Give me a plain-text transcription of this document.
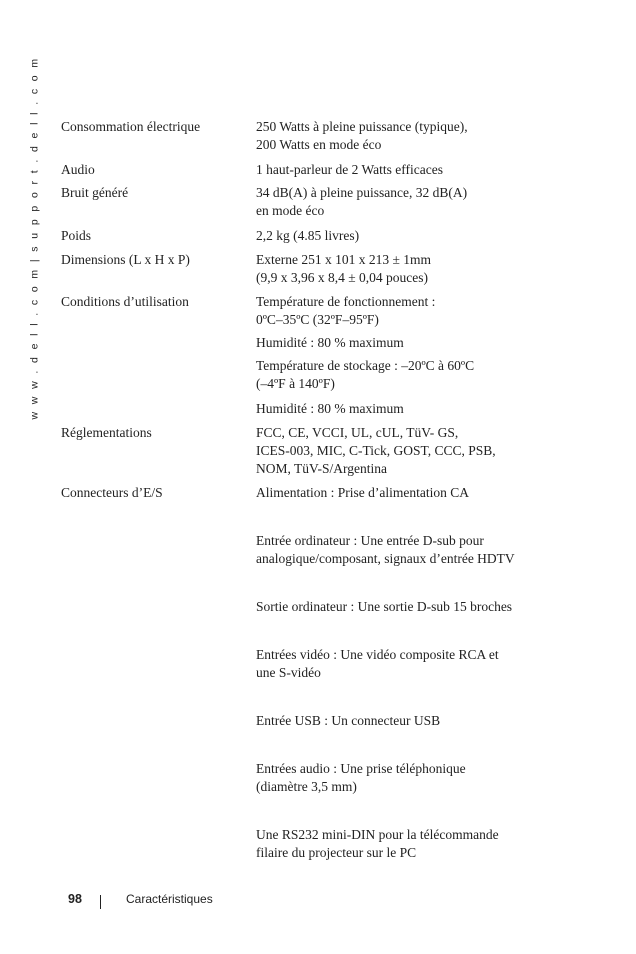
w w w . d e l l . c o m | s u p p o r t . d e l l . c o m Consommation électrique	250 Watts à pleine puissance (typique),
200 Watts en mode éco
Audio	1 haut-parleur de 2 Watts efficaces
Bruit généré	34 dB(A) à pleine puissance, 32 dB(A)
en mode éco
Poids	2,2 kg (4.85 livres)
Dimensions (L x H x P)	Externe 251 x 101 x 213 ± 1mm
(9,9 x 3,96 x 8,4 ± 0,04 pouces)
Conditions d’utilisation	Température de fonctionnement :
0ºC–35ºC (32ºF–95ºF)
Humidité : 80 % maximum
Température de stockage : –20ºC à 60ºC
(–4ºF à 140ºF)
Humidité : 80 % maximum
Réglementations	FCC, CE, VCCI, UL, cUL, TüV- GS,
ICES-003, MIC, C-Tick, GOST, CCC, PSB,
NOM, TüV-S/Argentina
Connecteurs d’E/S	Alimentation : Prise d’alimentation CA
Entrée ordinateur : Une entrée D-sub pour
analogique/composant, signaux d’entrée HDTV
Sortie ordinateur : Une sortie D-sub 15 broches
Entrées vidéo : Une vidéo composite RCA et
une S-vidéo
Entrée USB : Un connecteur USB
Entrées audio : Une prise téléphonique
(diamètre 3,5 mm)
Une RS232 mini-DIN pour la télécommande
filaire du projecteur sur le PC
98	Caractéristiques
